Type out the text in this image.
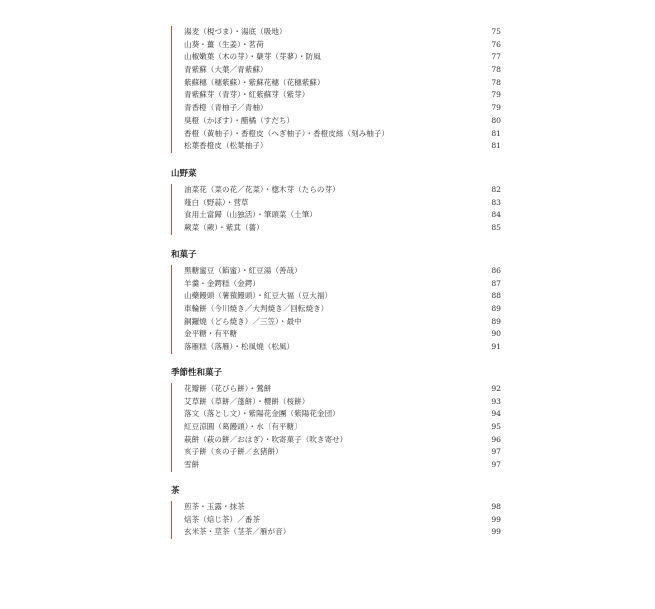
湯麦（梘づま）・湯底（吸地）	75
山葵・薑（生姜）・茗荷	76
山椒嫩葉（木の芽）・蘖芽（芽蓼）・防風	77
青紫蘇（大葉／青紫蘇）	78
紫蘇穗（穗紫蘇）・紫蘇花穗（花穗紫蘇）	78
青紫蘇芽（青芽）・紅紫蘇芽（紫芽）	79
青香橙（青柚子／青柚）	79
臭橙（かぼす）・醋橘（すだち）	80
香橙（黃柚子）・香橙皮（へぎ柚子）・香橙皮絲（刻み柚子）	81
松葉香橙皮（松葉柚子）	81
山野菜
油菜花（菜の花／花菜）・楤木芽（たらの芽）	82
薤白（野蒜）・营草	83
食用土當歸（山独活）・筆頭菜（土筆）	84
蕨菜（蕨）・紫萁（薔）	85
和菓子
黑糖蜜豆（餡蜜）・紅豆湯（善哉）	86
羊羹・金鍔糕（金鍔）	87
山藥饅頭（薯蕷饅頭）・紅豆大福（豆大福）	88
車輪餅（今川焼き／大判焼き／回転焼き）	89
銅鑼燒（どら焼き）／三笠）・最中	89
金平糖・有平糖	90
落雁糕（落雁）・松風燒（松風）	91
季節性和菓子
花瓣餅（花びら餅）・鶯餅	92
艾草餅（草餅／蓬餅）・櫻餅（桜餅）	93
落文（落とし文）・紫陽花金團（紫陽花金団）	94
紅豆涼圓（葛饅頭）・水〔有平糖〕	95
萩餅（萩の餅／おはぎ）・吹寄菓子（吹き寄せ）	96
亥子餅（亥の子餅／玄猪餅）	97
雪餅	97
茶
煎茶・玉露・抹茶	98
焙茶（焙じ茶）／番茶	99
玄米茶・莖茶（茎茶／雁が音）	99
